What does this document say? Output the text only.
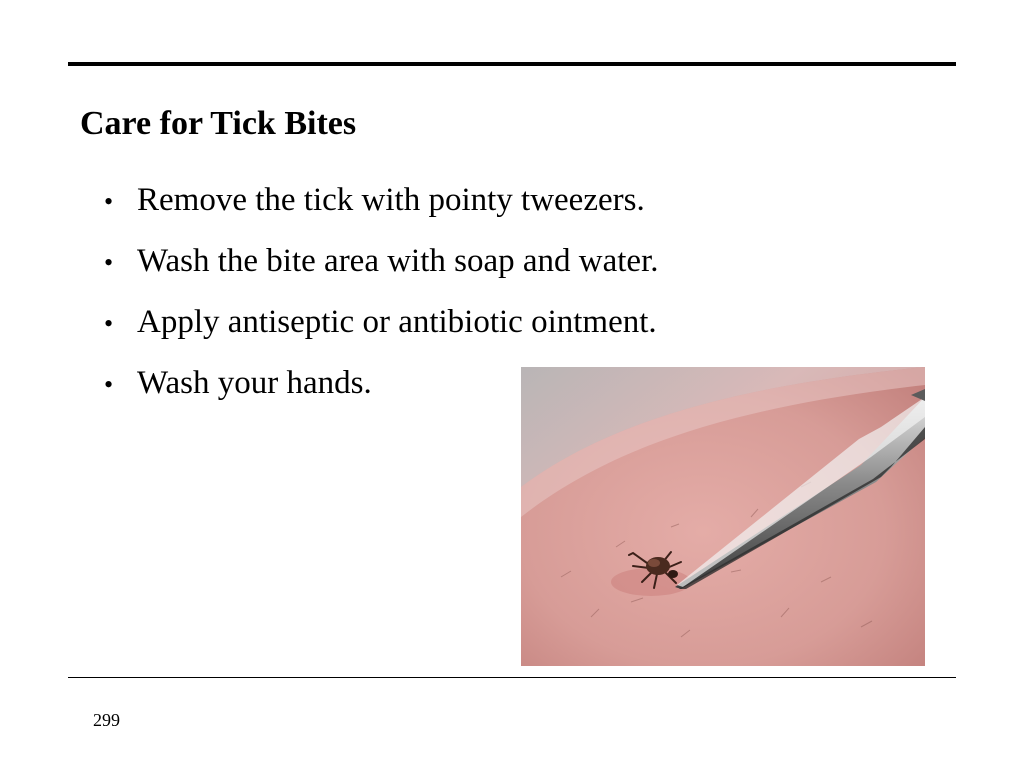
Care for Tick Bites
• Remove the tick with pointy tweezers.
• Wash the bite area with soap and water.
• Apply antiseptic or antibiotic ointment.
• Wash your hands.
299
